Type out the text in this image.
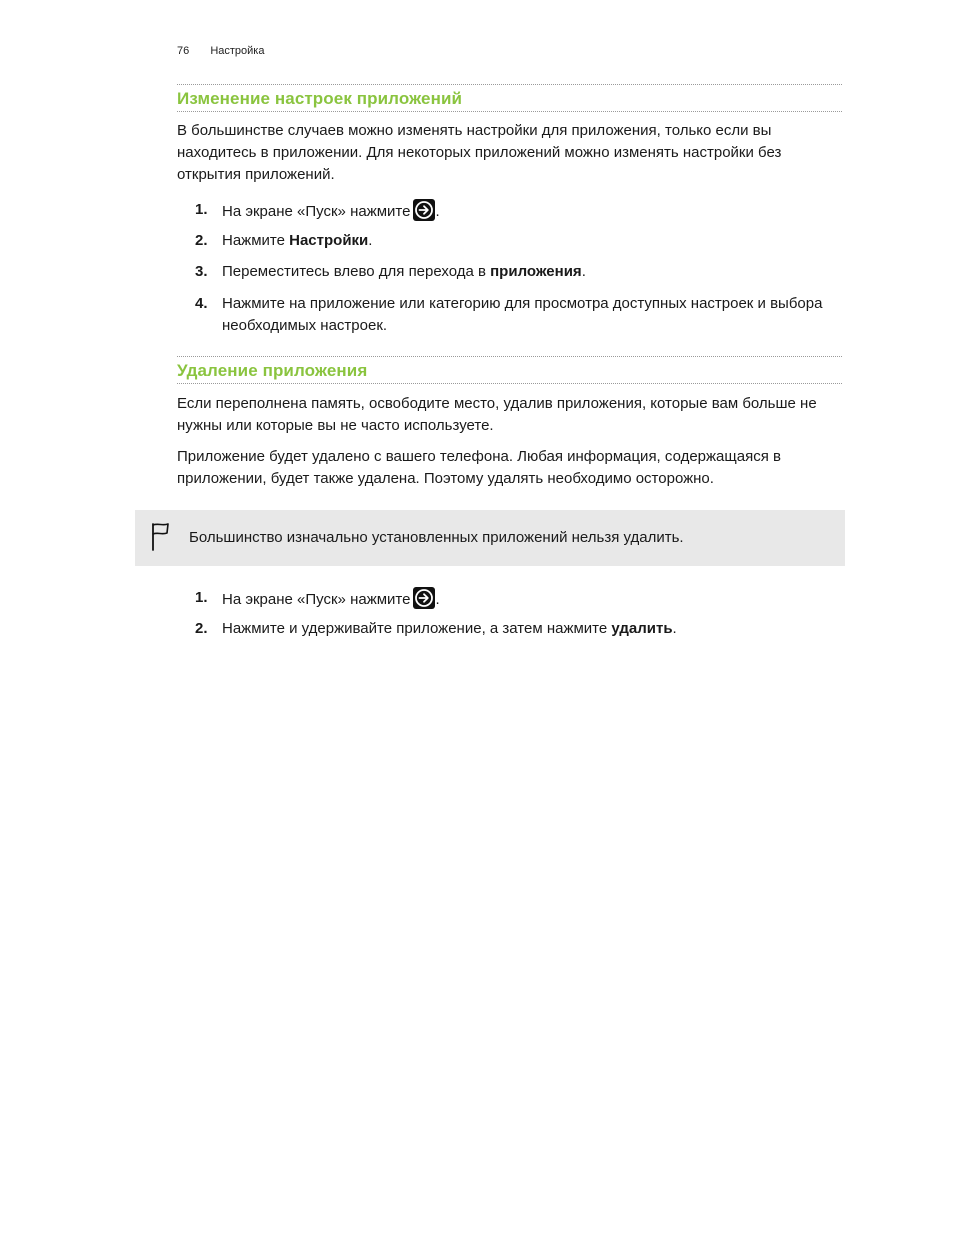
76 Настройка
Изменение настроек приложений
В большинстве случаев можно изменять настройки для приложения, только если вы находитесь в приложении. Для некоторых приложений можно изменять настройки без открытия приложений.
1. На экране «Пуск» нажмите .
2. Нажмите Настройки.
3. Переместитесь влево для перехода в приложения.
4. Нажмите на приложение или категорию для просмотра доступных настроек и выбора необходимых настроек.
Удаление приложения
Если переполнена память, освободите место, удалив приложения, которые вам больше не нужны или которые вы не часто используете.
Приложение будет удалено с вашего телефона. Любая информация, содержащаяся в приложении, будет также удалена. Поэтому удалять необходимо осторожно.
Большинство изначально установленных приложений нельзя удалить.
1. На экране «Пуск» нажмите .
2. Нажмите и удерживайте приложение, а затем нажмите удалить.
